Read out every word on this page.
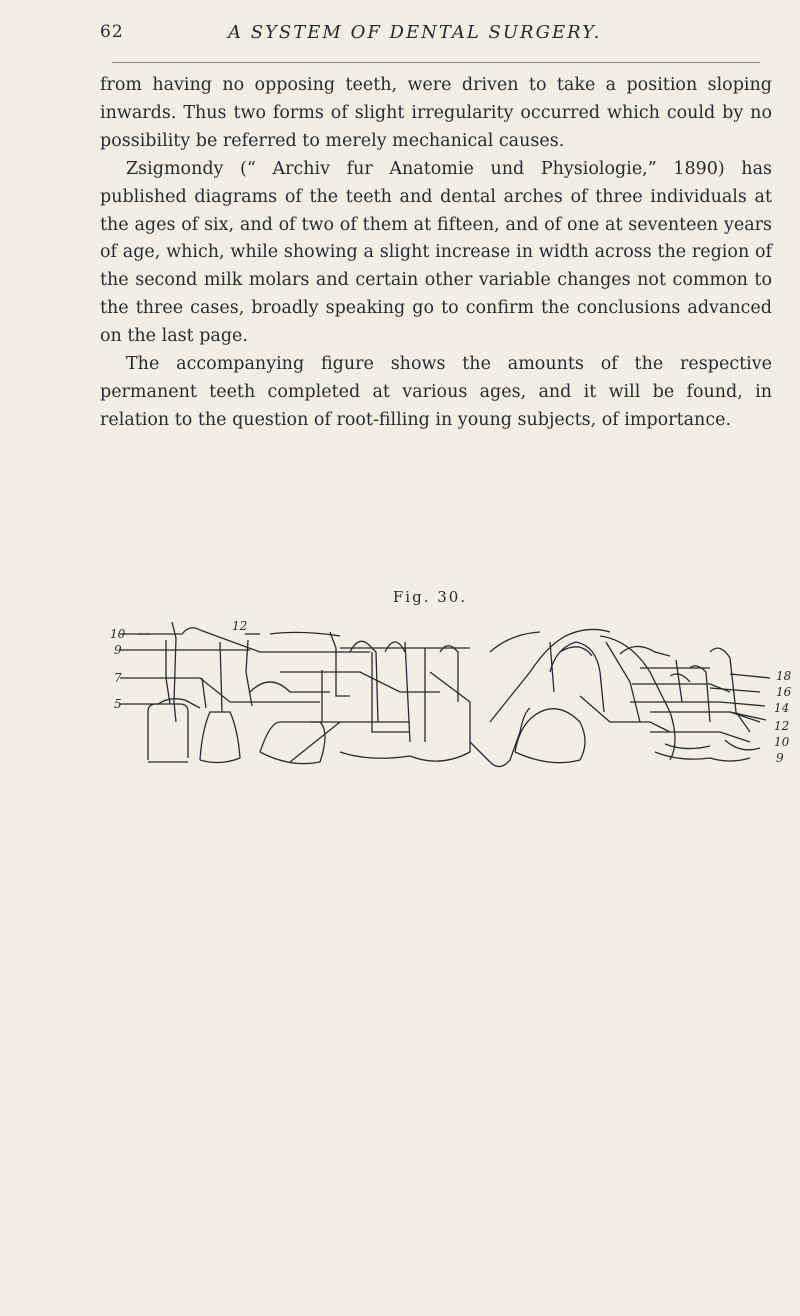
62	A SYSTEM OF DENTAL SURGERY.

from having no opposing teeth, were driven to take a position sloping inwards. Thus two forms of slight irregularity occurred which could by no possibility be referred to merely mechanical causes.

Zsigmondy (“ Archiv fur Anatomie und Physiologie,” 1890) has published diagrams of the teeth and dental arches of three individuals at the ages of six, and of two of them at fifteen, and of one at seventeen years of age, which, while showing a slight increase in width across the region of the second milk molars and certain other variable changes not common to the three cases, broadly speaking go to confirm the conclusions advanced on the last page.

The accompanying figure shows the amounts of the respective permanent teeth completed at various ages, and it will be found, in relation to the question of root-filling in young subjects, of importance.

Fig. 30.
10
9
7
5
12
18
16
14
12
10
9
